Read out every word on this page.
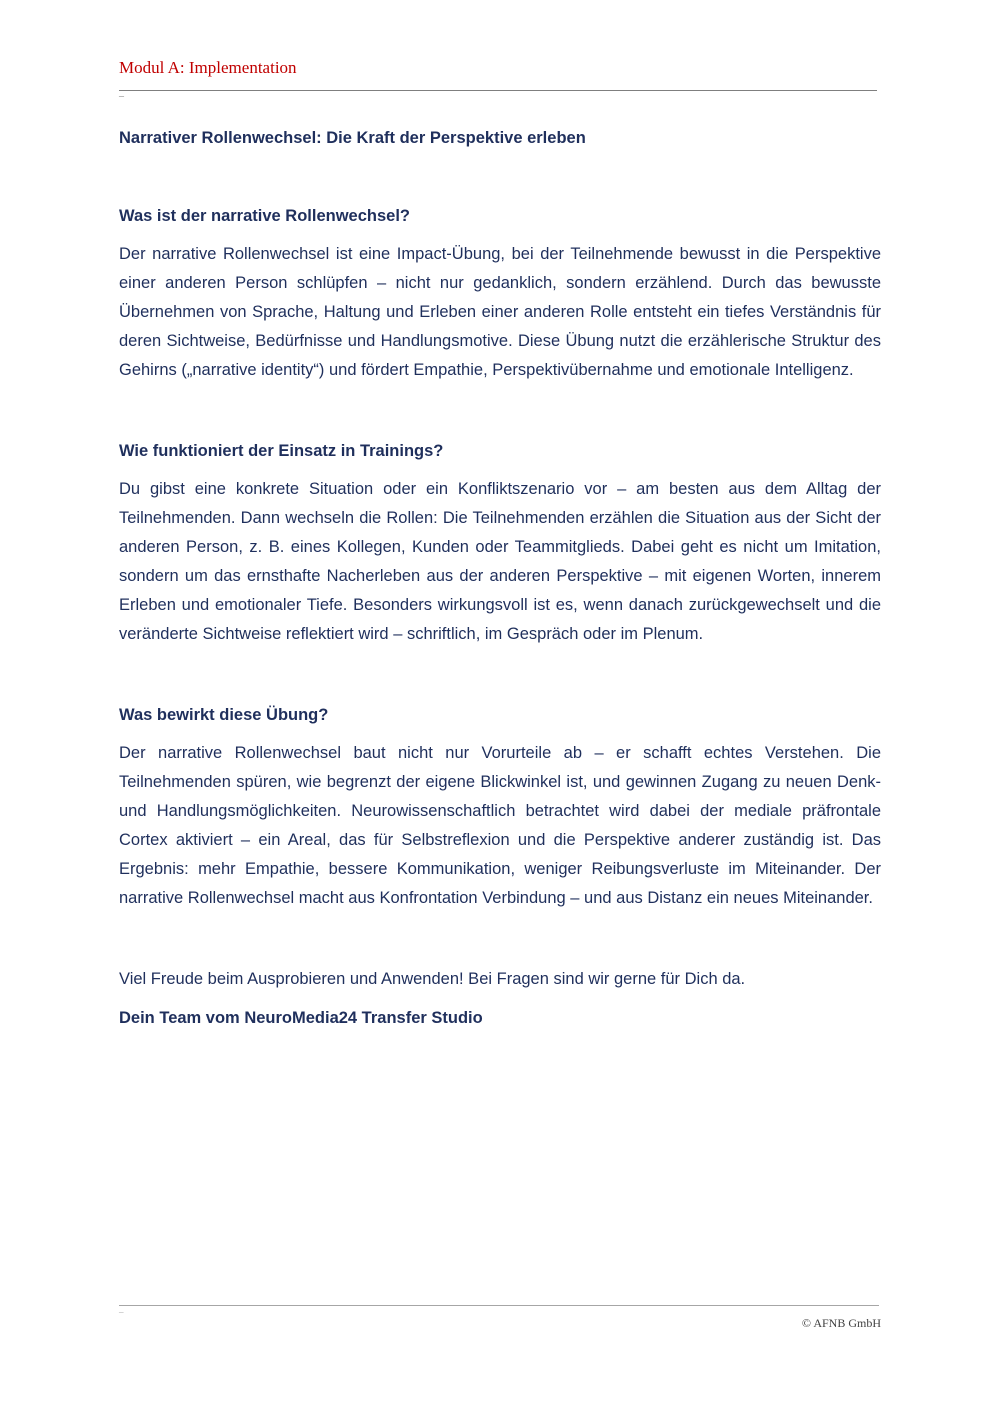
Modul A: Implementation

–
Narrativer Rollenwechsel: Die Kraft der Perspektive erleben
Was ist der narrative Rollenwechsel?

Der narrative Rollenwechsel ist eine Impact-Übung, bei der Teilnehmende bewusst in die Perspektive einer anderen Person schlüpfen – nicht nur gedanklich, sondern erzählend. Durch das bewusste Übernehmen von Sprache, Haltung und Erleben einer anderen Rolle entsteht ein tiefes Verständnis für deren Sichtweise, Bedürfnisse und Handlungsmotive. Diese Übung nutzt die erzählerische Struktur des Gehirns („narrative identity“) und fördert Empathie, Perspektivübernahme und emotionale Intelligenz.

Wie funktioniert der Einsatz in Trainings?

Du gibst eine konkrete Situation oder ein Konfliktszenario vor – am besten aus dem Alltag der Teilnehmenden. Dann wechseln die Rollen: Die Teilnehmenden erzählen die Situation aus der Sicht der anderen Person, z. B. eines Kollegen, Kunden oder Teammitglieds. Dabei geht es nicht um Imitation, sondern um das ernsthafte Nacherleben aus der anderen Perspektive – mit eigenen Worten, innerem Erleben und emotionaler Tiefe. Besonders wirkungsvoll ist es, wenn danach zurückgewechselt und die veränderte Sichtweise reflektiert wird – schriftlich, im Gespräch oder im Plenum.

Was bewirkt diese Übung?

Der narrative Rollenwechsel baut nicht nur Vorurteile ab – er schafft echtes Verstehen. Die Teilnehmenden spüren, wie begrenzt der eigene Blickwinkel ist, und gewinnen Zugang zu neuen Denk- und Handlungsmöglichkeiten. Neurowissenschaftlich betrachtet wird dabei der mediale präfrontale Cortex aktiviert – ein Areal, das für Selbstreflexion und die Perspektive anderer zuständig ist. Das Ergebnis: mehr Empathie, bessere Kommunikation, weniger Reibungsverluste im Miteinander. Der narrative Rollenwechsel macht aus Konfrontation Verbindung – und aus Distanz ein neues Miteinander.

Viel Freude beim Ausprobieren und Anwenden! Bei Fragen sind wir gerne für Dich da.

Dein Team vom NeuroMedia24 Transfer Studio

–
© AFNB GmbH
